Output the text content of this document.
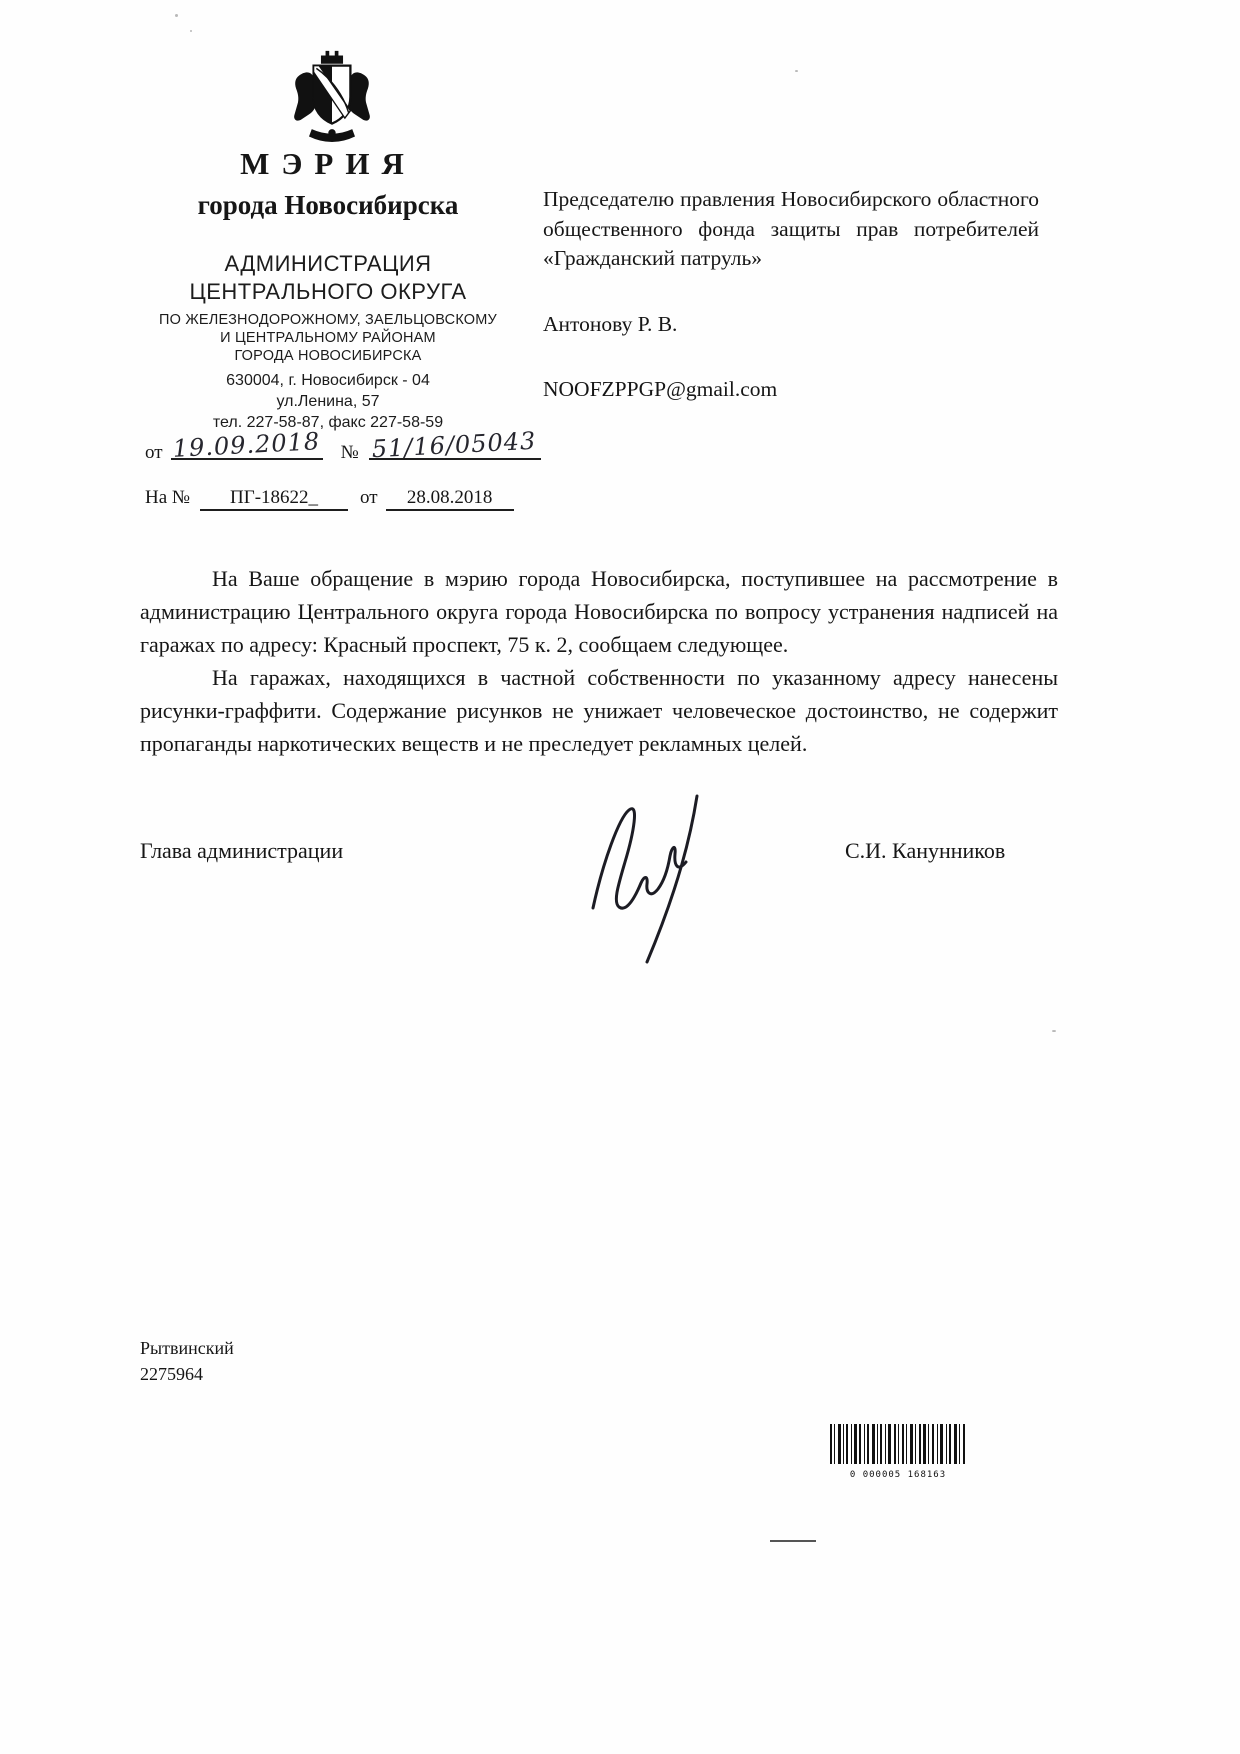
МЭРИЯ
города Новосибирска
АДМИНИСТРАЦИЯ
ЦЕНТРАЛЬНОГО ОКРУГА
ПО ЖЕЛЕЗНОДОРОЖНОМУ, ЗАЕЛЬЦОВСКОМУ
И ЦЕНТРАЛЬНОМУ РАЙОНАМ
ГОРОДА НОВОСИБИРСКА
630004, г. Новосибирск - 04
ул.Ленина, 57
тел. 227-58-87, факс 227-58-59
Председателю правления Новосибирского областного общественного фонда защиты прав потребителей «Гражданский патруль»
Антонову Р. В.
NOOFZPPGP@gmail.com
от 19.09.2018 № 51/16/05043
На № ПГ-18622_ от 28.08.2018

На Ваше обращение в мэрию города Новосибирска, поступившее на рассмотрение в администрацию Центрального округа города Новосибирска по вопросу устранения надписей на гаражах по адресу: Красный проспект, 75 к. 2, сообщаем следующее.

На гаражах, находящихся в частной собственности по указанному адресу нанесены рисунки-граффити. Содержание рисунков не унижает человеческое достоинство, не содержит пропаганды наркотических веществ и не преследует рекламных целей.

Глава администрации	С.И. Канунников
Рытвинский
2275964
0 000005 168163
